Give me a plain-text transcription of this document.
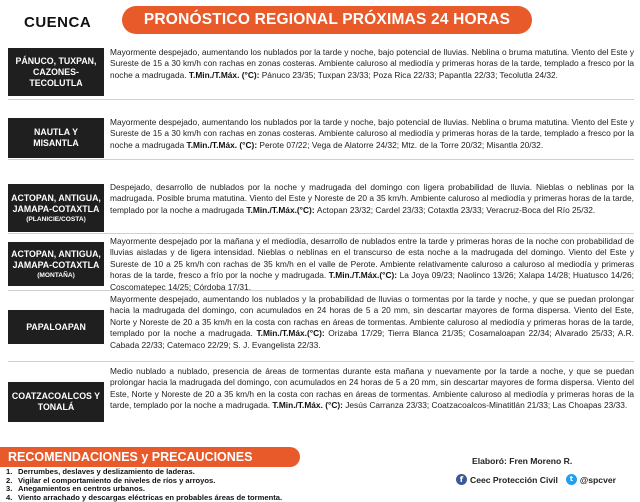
CUENCA	PRONÓSTICO REGIONAL PRÓXIMAS 24 HORAS
PÁNUCO, TUXPAN, CAZONES-TECOLUTLA
Mayormente despejado, aumentando los nublados por la tarde y noche, bajo potencial de lluvias. Neblina o bruma matutina. Viento del Este y Sureste de 15 a 30 km/h con rachas en zonas costeras. Ambiente caluroso al mediodía y primeras horas de la tarde, templado a fresco por la noche a madrugada. T.Min./T.Máx. (°C): Pánuco 23/35; Tuxpan 23/33; Poza Rica 22/33; Papantla 22/33; Tecolutla 24/32.
NAUTLA Y MISANTLA
Mayormente despejado, aumentando los nublados por la tarde y noche, bajo potencial de lluvias. Neblina o bruma matutina. Viento del Este y Sureste de 15 a 30 km/h con rachas en zonas costeras. Ambiente caluroso al mediodía y primeras horas de la tarde, templado a fresco por la noche a madrugada T.Min./T.Máx. (°C): Perote 07/22; Vega de Alatorre 24/32; Mtz. de la Torre 20/32; Misantla 20/32.
ACTOPAN, ANTIGUA, JAMAPA-COTAXTLA
(PLANICIE/COSTA)
Despejado, desarrollo de nublados por la noche y madrugada del domingo con ligera probabilidad de lluvia. Nieblas o neblinas por la madrugada. Posible bruma matutina. Viento del Este y Noreste de 20 a 35 km/h. Ambiente caluroso al mediodía y primeras horas de la tarde, templado por la noche a madrugada T.Min./T.Máx.(°C): Actopan 23/32; Cardel 23/33; Cotaxtla 23/33; Veracruz-Boca del Río 25/32.
ACTOPAN, ANTIGUA, JAMAPA-COTAXTLA
(MONTAÑA)
Mayormente despejado por la mañana y el mediodía, desarrollo de nublados entre la tarde y primeras horas de la noche con probabilidad de lluvias aisladas y de ligera intensidad. Nieblas o neblinas en el transcurso de esta noche a la madrugada del domingo. Viento del Este y Sureste de 10 a 25 km/h con rachas de 35 km/h en el valle de Perote. Ambiente relativamente caluroso a caluroso al mediodía y primeras horas de la tarde, fresco a frío por la noche y madrugada. T.Min./T.Máx.(°C): La Joya 09/23; Naolinco 13/26; Xalapa 14/28; Huatusco 14/26; Coscomatepec 14/25; Córdoba 17/31.
PAPALOAPAN
Mayormente despejado, aumentando los nublados y la probabilidad de lluvias o tormentas por la tarde y noche, y que se puedan prolongar hacia la madrugada del domingo, con acumulados en 24 horas de 5 a 20 mm, sin descartar mayores de forma dispersa. Viento del Este, Norte y Noreste de 20 a 35 km/h en la costa con rachas en áreas de tormentas. Ambiente caluroso al mediodía y primeras horas de la tarde, templado por la noche a madrugada. T.Min./T.Máx.(°C): Orizaba 17/29; Tierra Blanca 21/35; Cosamaloapan 22/34; Alvarado 25/33; A.R. Cabada 22/33; Catemaco 22/29; S. J. Evangelista 22/33.
COATZACOALCOS Y TONALÁ
Medio nublado a nublado, presencia de áreas de tormentas durante esta mañana y nuevamente por la tarde a noche, y que se puedan prolongar hacia la madrugada del domingo, con acumulados en 24 horas de 5 a 20 mm, sin descartar mayores de forma dispersa. Viento del Este, Norte y Noreste de 20 a 35 km/h en la costa con rachas en áreas de tormentas. Ambiente caluroso al mediodía y primeras horas de la tarde, templado por la noche a madrugada. T.Min./T.Máx. (°C): Jesús Carranza 23/33; Coatzacoalcos-Minatitlán 21/33; Las Choapas 23/33.
RECOMENDACIONES y PRECAUCIONES
1. Derrumbes, deslaves y deslizamiento de laderas.
2. Vigilar el comportamiento de niveles de ríos y arroyos.
3. Anegamientos en centros urbanos.
4. Viento arrachado y descargas eléctricas en probables áreas de tormenta.
Elaboró: Fren Moreno R.
f Ceec Protección Civil	t @spcver
